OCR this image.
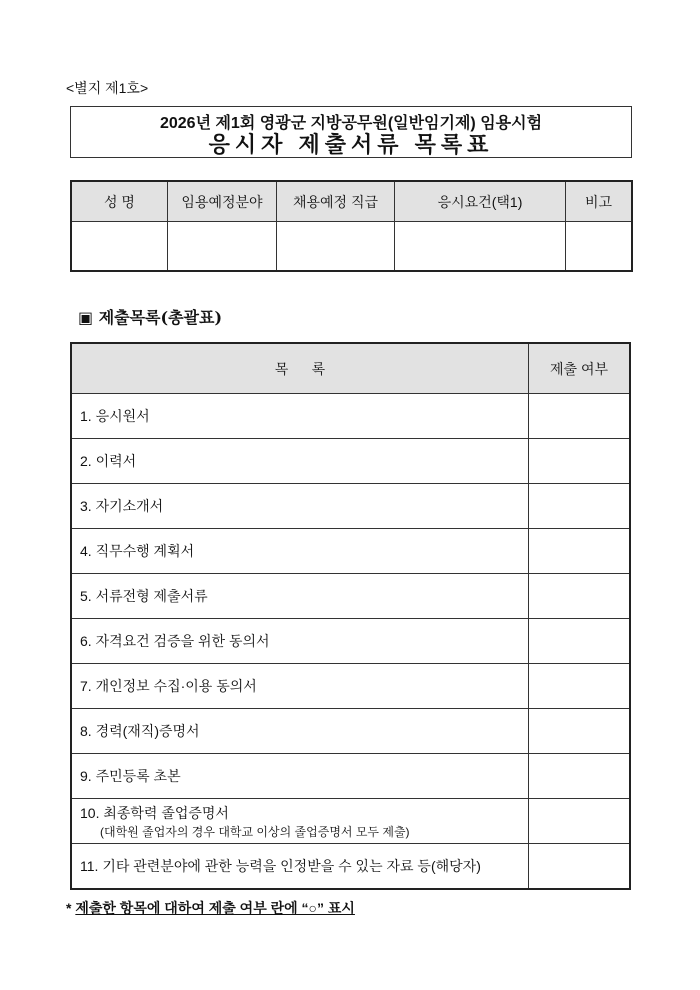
<별지 제1호>
2026년 제1회 영광군 지방공무원(일반임기제) 임용시험
응시자 제출서류 목록표
성 명	임용예정분야	채용예정 직급	응시요건(택1)	비고

▣ 제출목록(총괄표)
목      록	제출 여부
1. 응시원서	
2. 이력서	
3. 자기소개서	
4. 직무수행 계획서	
5. 서류전형 제출서류	
6. 자격요건 검증을 위한 동의서	
7. 개인정보 수집·이용 동의서	
8. 경력(재직)증명서	
9. 주민등록 초본	
10. 최종학력 졸업증명서
(대학원 졸업자의 경우 대학교 이상의 졸업증명서 모두 제출)	

11. 기타 관련분야에 관한 능력을 인정받을 수 있는 자료 등(해당자)	
* 제출한 항목에 대하여 제출 여부 란에 “○” 표시
